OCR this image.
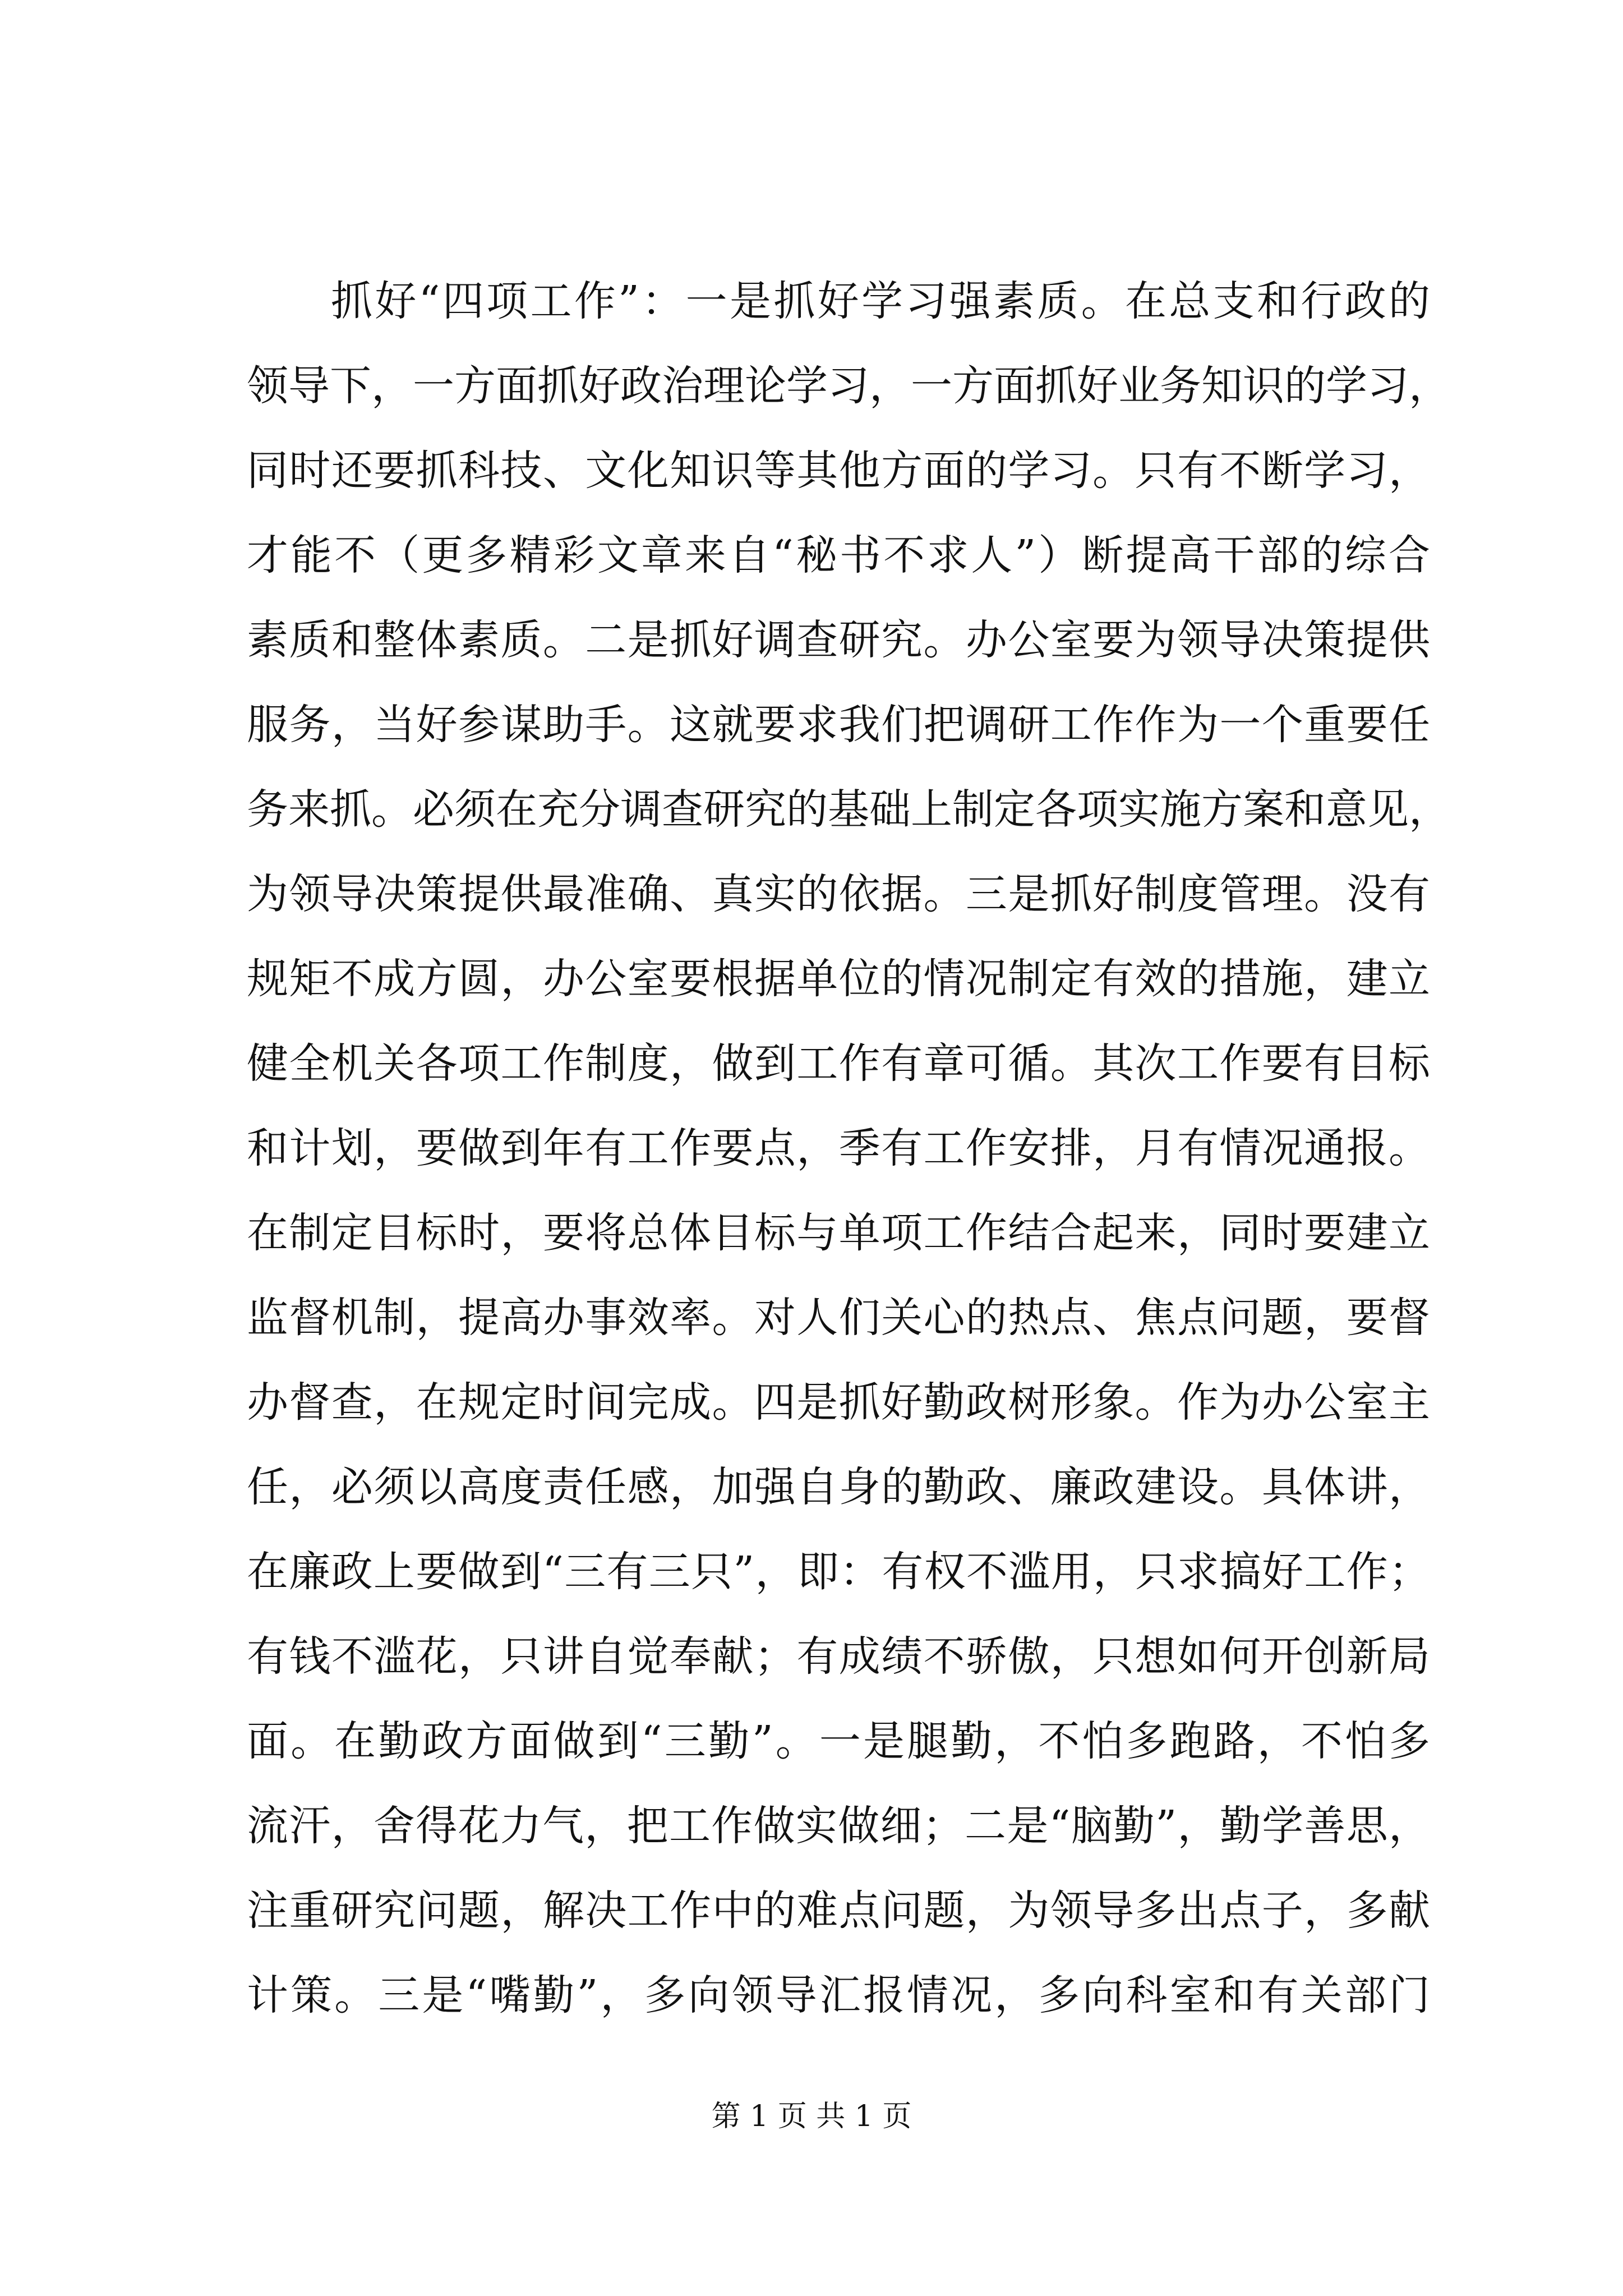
抓好“四项工作”：一是抓好学习强素质。在总支和行政的
领导下，一方面抓好政治理论学习，一方面抓好业务知识的学习，
同时还要抓科技、文化知识等其他方面的学习。只有不断学习，
才能不（更多精彩文章来自“秘书不求人”）断提高干部的综合
素质和整体素质。二是抓好调查研究。办公室要为领导决策提供
服务，当好参谋助手。这就要求我们把调研工作作为一个重要任
务来抓。必须在充分调查研究的基础上制定各项实施方案和意见，
为领导决策提供最准确、真实的依据。三是抓好制度管理。没有
规矩不成方圆，办公室要根据单位的情况制定有效的措施，建立
健全机关各项工作制度，做到工作有章可循。其次工作要有目标
和计划，要做到年有工作要点，季有工作安排，月有情况通报。
在制定目标时，要将总体目标与单项工作结合起来，同时要建立
监督机制，提高办事效率。对人们关心的热点、焦点问题，要督
办督查，在规定时间完成。四是抓好勤政树形象。作为办公室主
任，必须以高度责任感，加强自身的勤政、廉政建设。具体讲，
在廉政上要做到“三有三只”，即：有权不滥用，只求搞好工作；
有钱不滥花，只讲自觉奉献；有成绩不骄傲，只想如何开创新局
面。在勤政方面做到“三勤”。一是腿勤，不怕多跑路，不怕多
流汗，舍得花力气，把工作做实做细；二是“脑勤”，勤学善思，
注重研究问题，解决工作中的难点问题，为领导多出点子，多献
计策。三是“嘴勤”，多向领导汇报情况，多向科室和有关部门
第 1 页 共 1 页
